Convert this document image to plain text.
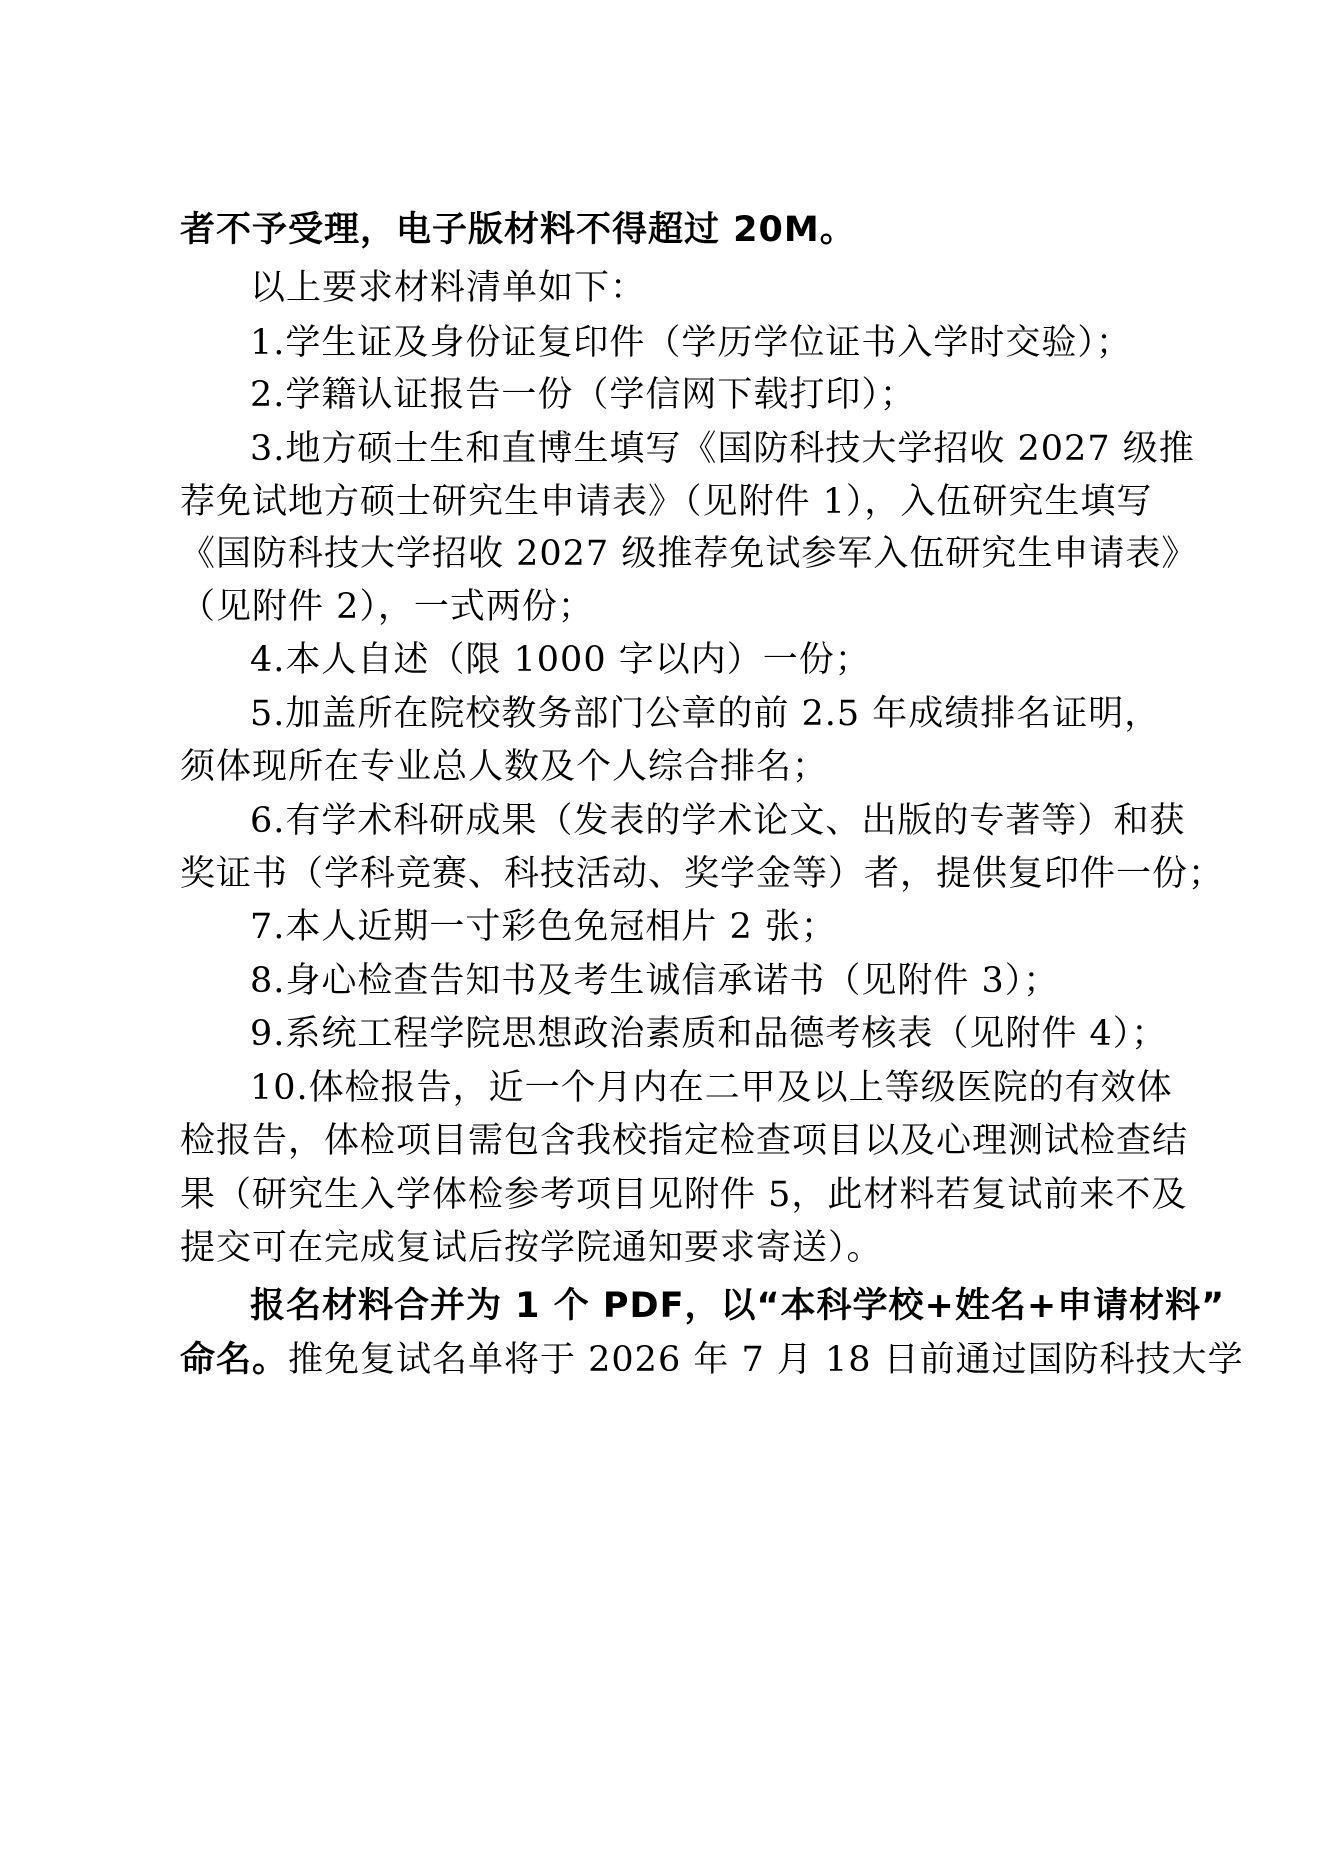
者不予受理，电子版材料不得超过 20M。
以上要求材料清单如下：
1.学生证及身份证复印件（学历学位证书入学时交验）；
2.学籍认证报告一份（学信网下载打印）；
3.地方硕士生和直博生填写《国防科技大学招收 2027 级推
荐免试地方硕士研究生申请表》（见附件 1），入伍研究生填写
《国防科技大学招收 2027 级推荐免试参军入伍研究生申请表》
（见附件 2），一式两份；
4.本人自述（限 1000 字以内）一份；
5.加盖所在院校教务部门公章的前 2.5 年成绩排名证明，
须体现所在专业总人数及个人综合排名；
6.有学术科研成果（发表的学术论文、出版的专著等）和获
奖证书（学科竞赛、科技活动、奖学金等）者，提供复印件一份；
7.本人近期一寸彩色免冠相片 2 张；
8.身心检查告知书及考生诚信承诺书（见附件 3）；
9.系统工程学院思想政治素质和品德考核表（见附件 4）；
10.体检报告，近一个月内在二甲及以上等级医院的有效体
检报告，体检项目需包含我校指定检查项目以及心理测试检查结
果（研究生入学体检参考项目见附件 5，此材料若复试前来不及
提交可在完成复试后按学院通知要求寄送）。
报名材料合并为 1 个 PDF，以“本科学校+姓名+申请材料”
命名。推免复试名单将于 2026 年 7 月 18 日前通过国防科技大学
